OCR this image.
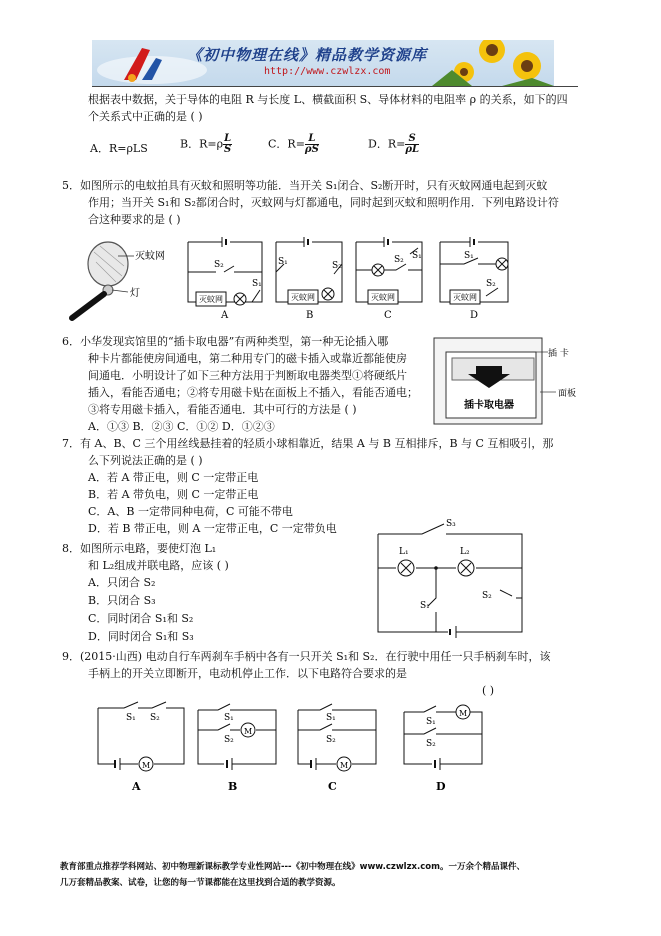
《初中物理在线》精品教学资源库
http://www.czwlzx.com
根据表中数据，关于导体的电阻 R 与长度 L、横截面积 S、导体材料的电阻率 ρ 的关系，如下的四
个关系式中正确的是 ( )
A．R=ρLS	B．$R=\rho \frac{L}{S}$	C．$R= \frac{L}{\rho S}$	D．$R= \frac{S}{\rho L}$
5．如图所示的电蚊拍具有灭蚊和照明等功能．当开关 S₁闭合、S₂断开时，只有灭蚊网通电起到灭蚊
作用；当开关 S₁和 S₂都闭合时，灭蚊网与灯都通电，同时起到灭蚊和照明作用．下列电路设计符
合这种要求的是 ( )
灭蚊网
灯
灭蚊网
S₂
S₁
A
灭蚊网
S₁	S₂
B
灭蚊网
S₂ S₁
C
灭蚊网
S₁
S₂
D
6．小华发现宾馆里的“插卡取电器”有两种类型，第一种无论插入哪
种卡片都能使房间通电，第二种用专门的磁卡插入或靠近都能使房
间通电．小明设计了如下三种方法用于判断取电器类型①将硬纸片
插入，看能否通电；②将专用磁卡贴在面板上不插入，看能否通电；
③将专用磁卡插入，看能否通电．其中可行的方法是 ( )
A．①③ B．②③ C．①② D．①②③
插 卡
面板
插卡取电器
7．有 A、B、C 三个用丝线悬挂着的轻质小球相靠近，结果 A 与 B 互相排斥，B 与 C 互相吸引，那
么下列说法正确的是 ( )
A．若 A 带正电，则 C 一定带正电
B．若 A 带负电，则 C 一定带正电
C．A、B 一定带同种电荷，C 可能不带电
D．若 B 带正电，则 A 一定带正电，C 一定带负电
8．如图所示电路，要使灯泡 L₁
和 L₂组成并联电路，应该 ( )
A．只闭合 S₂
B．只闭合 S₃
C．同时闭合 S₁和 S₂
D．同时闭合 S₁和 S₃
S₃
L₁	L₂
S₁
S₂
9．(2015·山西) 电动自行车两刹车手柄中各有一只开关 S₁和 S₂．在行驶中用任一只手柄刹车时，该
手柄上的开关立即断开，电动机停止工作．以下电路符合要求的是
( )
S₁ S₂
M
A
S₁
S₂
M
B
S₁
S₂
M
C
S₁
S₂
M
D
教育部重点推荐学科网站、初中物理新课标教学专业性网站---《初中物理在线》www.czwlzx.com。一万余个精品课件、
几万套精品教案、试卷，让您的每一节课都能在这里找到合适的教学资源。
